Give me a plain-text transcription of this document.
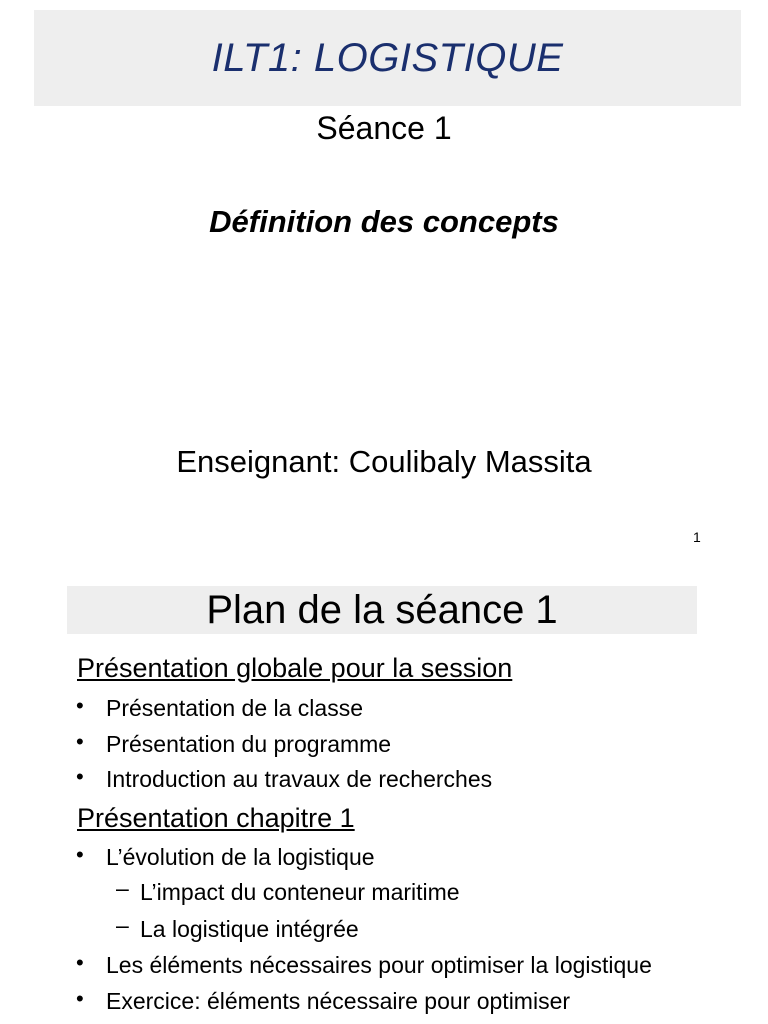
ILT1: LOGISTIQUE
Séance 1
Définition des concepts
Enseignant: Coulibaly Massita
1
Plan de la séance 1
Présentation globale pour la session
• Présentation de la classe
• Présentation du programme
• Introduction au travaux de recherches
Présentation chapitre 1
• L’évolution de la logistique
– L’impact du conteneur maritime
– La logistique intégrée
• Les éléments nécessaires pour optimiser la logistique
• Exercice: éléments nécessaire pour optimiser
